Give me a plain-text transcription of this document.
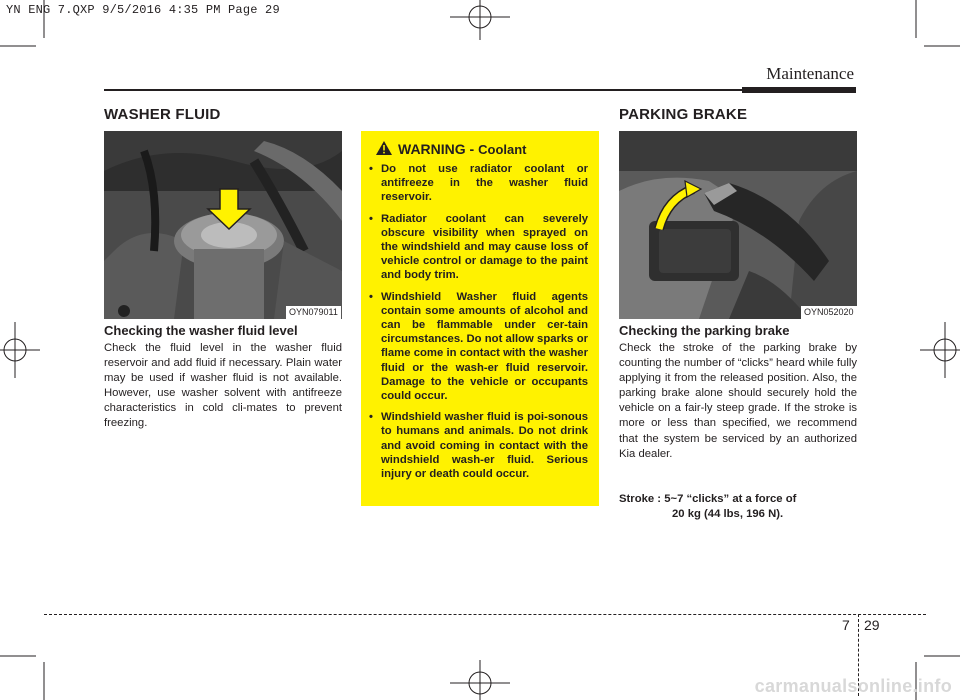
YN ENG 7.QXP 9/5/2016 4:35 PM Page 29
Maintenance
WASHER FLUID
OYN079011
Checking the washer fluid level
Check the fluid level in the washer fluid reservoir and add fluid if necessary. Plain water may be used if washer fluid is not available. However, use washer solvent with antifreeze characteristics in cold cli-mates to prevent freezing.
WARNING - Coolant
• Do not use radiator coolant or antifreeze in the washer fluid reservoir.
• Radiator coolant can severely obscure visibility when sprayed on the windshield and may cause loss of vehicle control or damage to the paint and body trim.
• Windshield Washer fluid agents contain some amounts of alcohol and can be flammable under cer-tain circumstances. Do not allow sparks or flame come in contact with the washer fluid or the wash-er fluid reservoir. Damage to the vehicle or occupants could occur.
• Windshield washer fluid is poi-sonous to humans and animals. Do not drink and avoid coming in contact with the windshield wash-er fluid. Serious injury or death could occur.
PARKING BRAKE
OYN052020
Checking the parking brake
Check the stroke of the parking brake by counting the number of “clicks” heard while fully applying it from the released position. Also, the parking brake alone should securely hold the vehicle on a fair-ly steep grade. If the stroke is more or less than specified, we recommend that the system be serviced by an authorized Kia dealer.
Stroke : 5~7 “clicks” at a force of
20 kg (44 lbs, 196 N).
7 29
carmanualsonline.info
